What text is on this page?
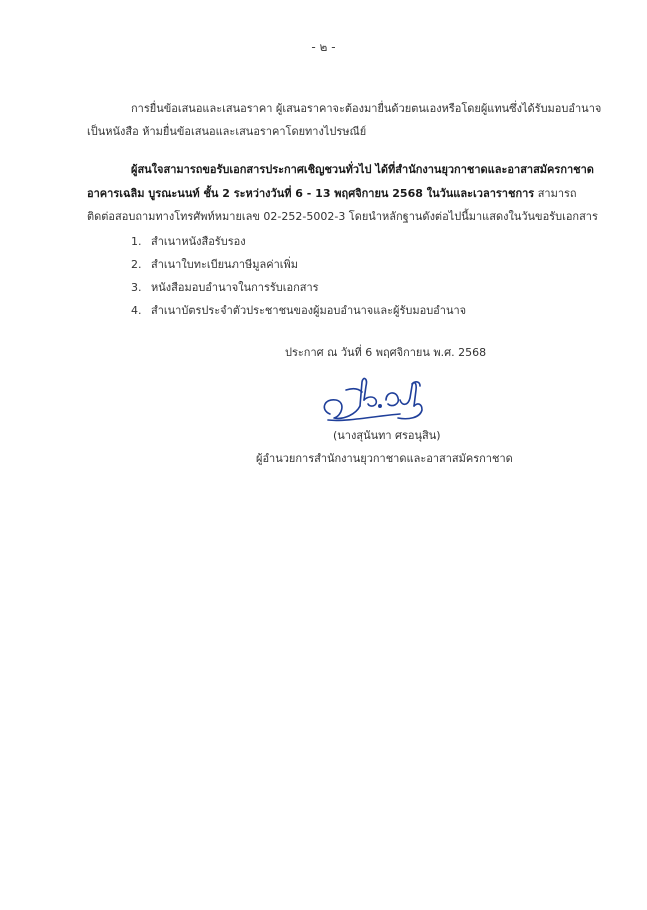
- ๒ -
การยื่นข้อเสนอและเสนอราคา ผู้เสนอราคาจะต้องมายื่นด้วยตนเองหรือโดยผู้แทนซึ่งได้รับมอบอำนาจ
เป็นหนังสือ ห้ามยื่นข้อเสนอและเสนอราคาโดยทางไปรษณีย์
ผู้สนใจสามารถขอรับเอกสารประกาศเชิญชวนทั่วไป ได้ที่สำนักงานยุวกาชาดและอาสาสมัครกาชาด
อาคารเฉลิม บูรณะนนท์ ชั้น 2 ระหว่างวันที่ 6 - 13 พฤศจิกายน 2568 ในวันและเวลาราชการ สามารถ
ติดต่อสอบถามทางโทรศัพท์หมายเลข 02-252-5002-3 โดยนำหลักฐานดังต่อไปนี้มาแสดงในวันขอรับเอกสาร
1. สำเนาหนังสือรับรอง
2. สำเนาใบทะเบียนภาษีมูลค่าเพิ่ม
3. หนังสือมอบอำนาจในการรับเอกสาร
4. สำเนาบัตรประจำตัวประชาชนของผู้มอบอำนาจและผู้รับมอบอำนาจ
ประกาศ ณ วันที่ 6 พฤศจิกายน พ.ศ. 2568
(นางสุนันทา ศรอนุสิน)
ผู้อำนวยการสำนักงานยุวกาชาดและอาสาสมัครกาชาด
